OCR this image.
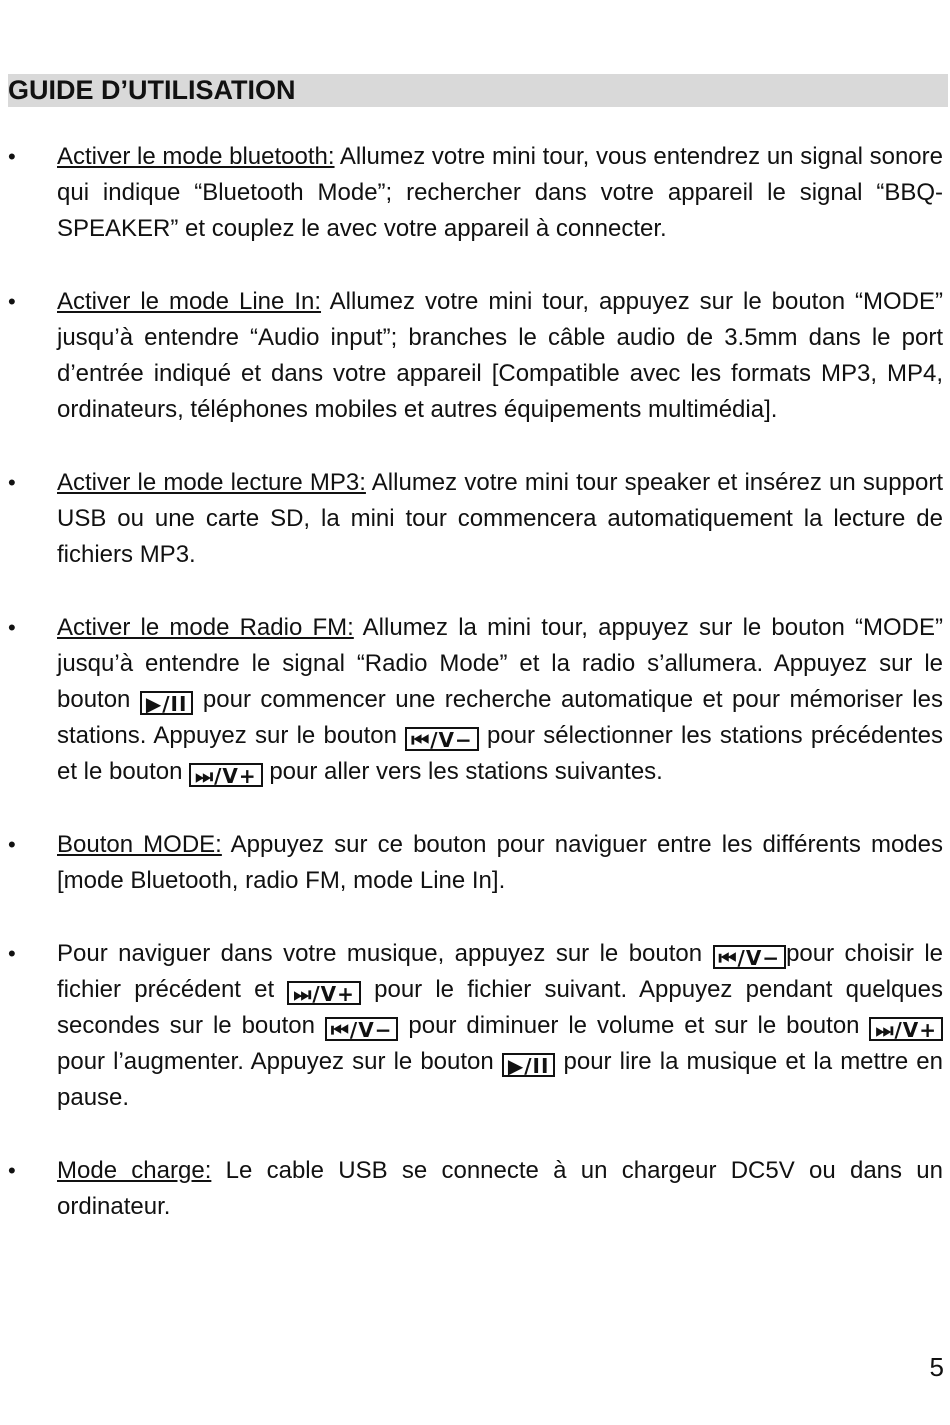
GUIDE D’UTILISATION
• Activer le mode bluetooth: Allumez votre mini tour, vous entendrez un signal sonore qui indique “Bluetooth Mode”; rechercher dans votre appareil le signal “BBQ-SPEAKER” et couplez le avec votre appareil à connecter.
• Activer le mode Line In: Allumez votre mini tour, appuyez sur le bouton “MODE” jusqu’à entendre “Audio input”; branches le câble audio de 3.5mm dans le port d’entrée indiqué et dans votre appareil [Compatible avec les formats MP3, MP4, ordinateurs, téléphones mobiles et autres équipements multimédia].
• Activer le mode lecture MP3: Allumez votre mini tour speaker et insérez un support USB ou une carte SD, la mini tour commencera automatiquement la lecture de fichiers MP3.
• Activer le mode Radio FM: Allumez la mini tour, appuyez sur le bouton “MODE” jusqu’à entendre le signal “Radio Mode” et la radio s’allumera. Appuyez sur le bouton ▶/II pour commencer une recherche automatique et pour mémoriser les stations. Appuyez sur le bouton ⏮/V− pour sélectionner les stations précédentes et le bouton ⏭/V+ pour aller vers les stations suivantes.
• Bouton MODE: Appuyez sur ce bouton pour naviguer entre les différents modes [mode Bluetooth, radio FM, mode Line In].
• Pour naviguer dans votre musique, appuyez sur le bouton ⏮/V− pour choisir le fichier précédent et ⏭/V+ pour le fichier suivant. Appuyez pendant quelques secondes sur le bouton ⏮/V− pour diminuer le volume et sur le bouton ⏭/V+ pour l’augmenter. Appuyez sur le bouton ▶/II pour lire la musique et la mettre en pause.
• Mode charge: Le cable USB se connecte à un chargeur DC5V ou dans un ordinateur.
5
